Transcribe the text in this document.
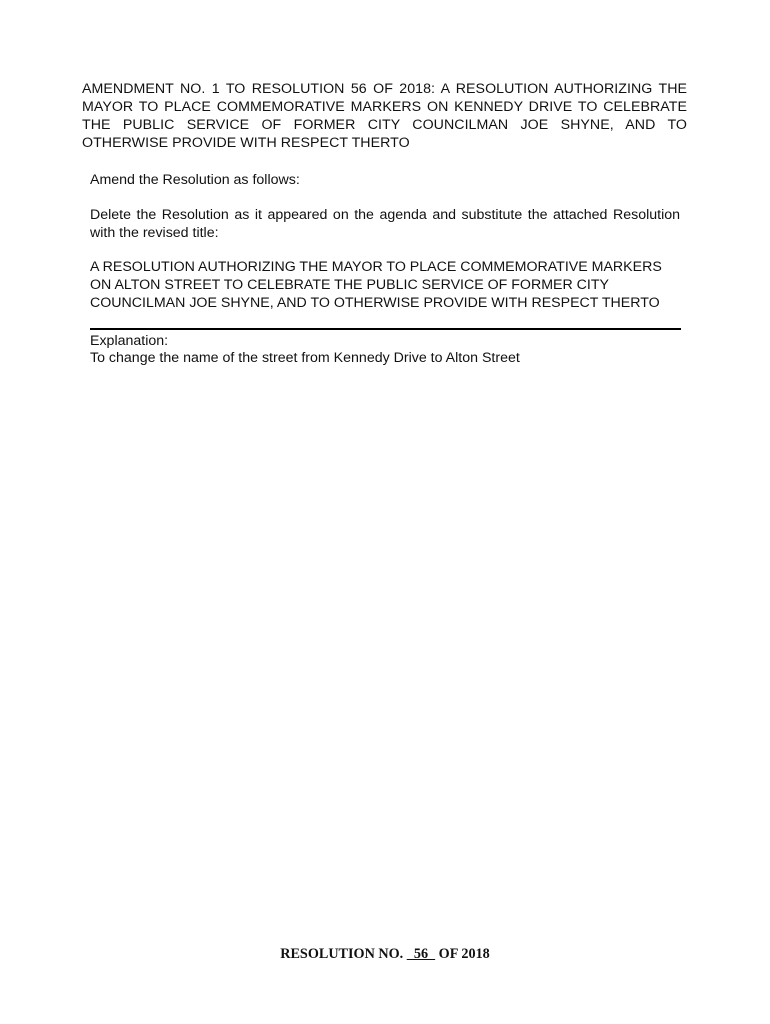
AMENDMENT NO. 1 TO RESOLUTION 56 OF 2018: A RESOLUTION AUTHORIZING THE MAYOR TO PLACE COMMEMORATIVE MARKERS ON KENNEDY DRIVE TO CELEBRATE THE PUBLIC SERVICE OF FORMER CITY COUNCILMAN JOE SHYNE, AND TO OTHERWISE PROVIDE WITH RESPECT THERTO
Amend the Resolution as follows:
Delete the Resolution as it appeared on the agenda and substitute the attached Resolution with the revised title:
A RESOLUTION AUTHORIZING THE MAYOR TO PLACE COMMEMORATIVE MARKERS ON ALTON STREET TO CELEBRATE THE PUBLIC SERVICE OF FORMER CITY COUNCILMAN JOE SHYNE, AND TO OTHERWISE PROVIDE WITH RESPECT THERTO
Explanation:
To change the name of the street from Kennedy Drive to Alton Street
RESOLUTION NO.   56   OF 2018
